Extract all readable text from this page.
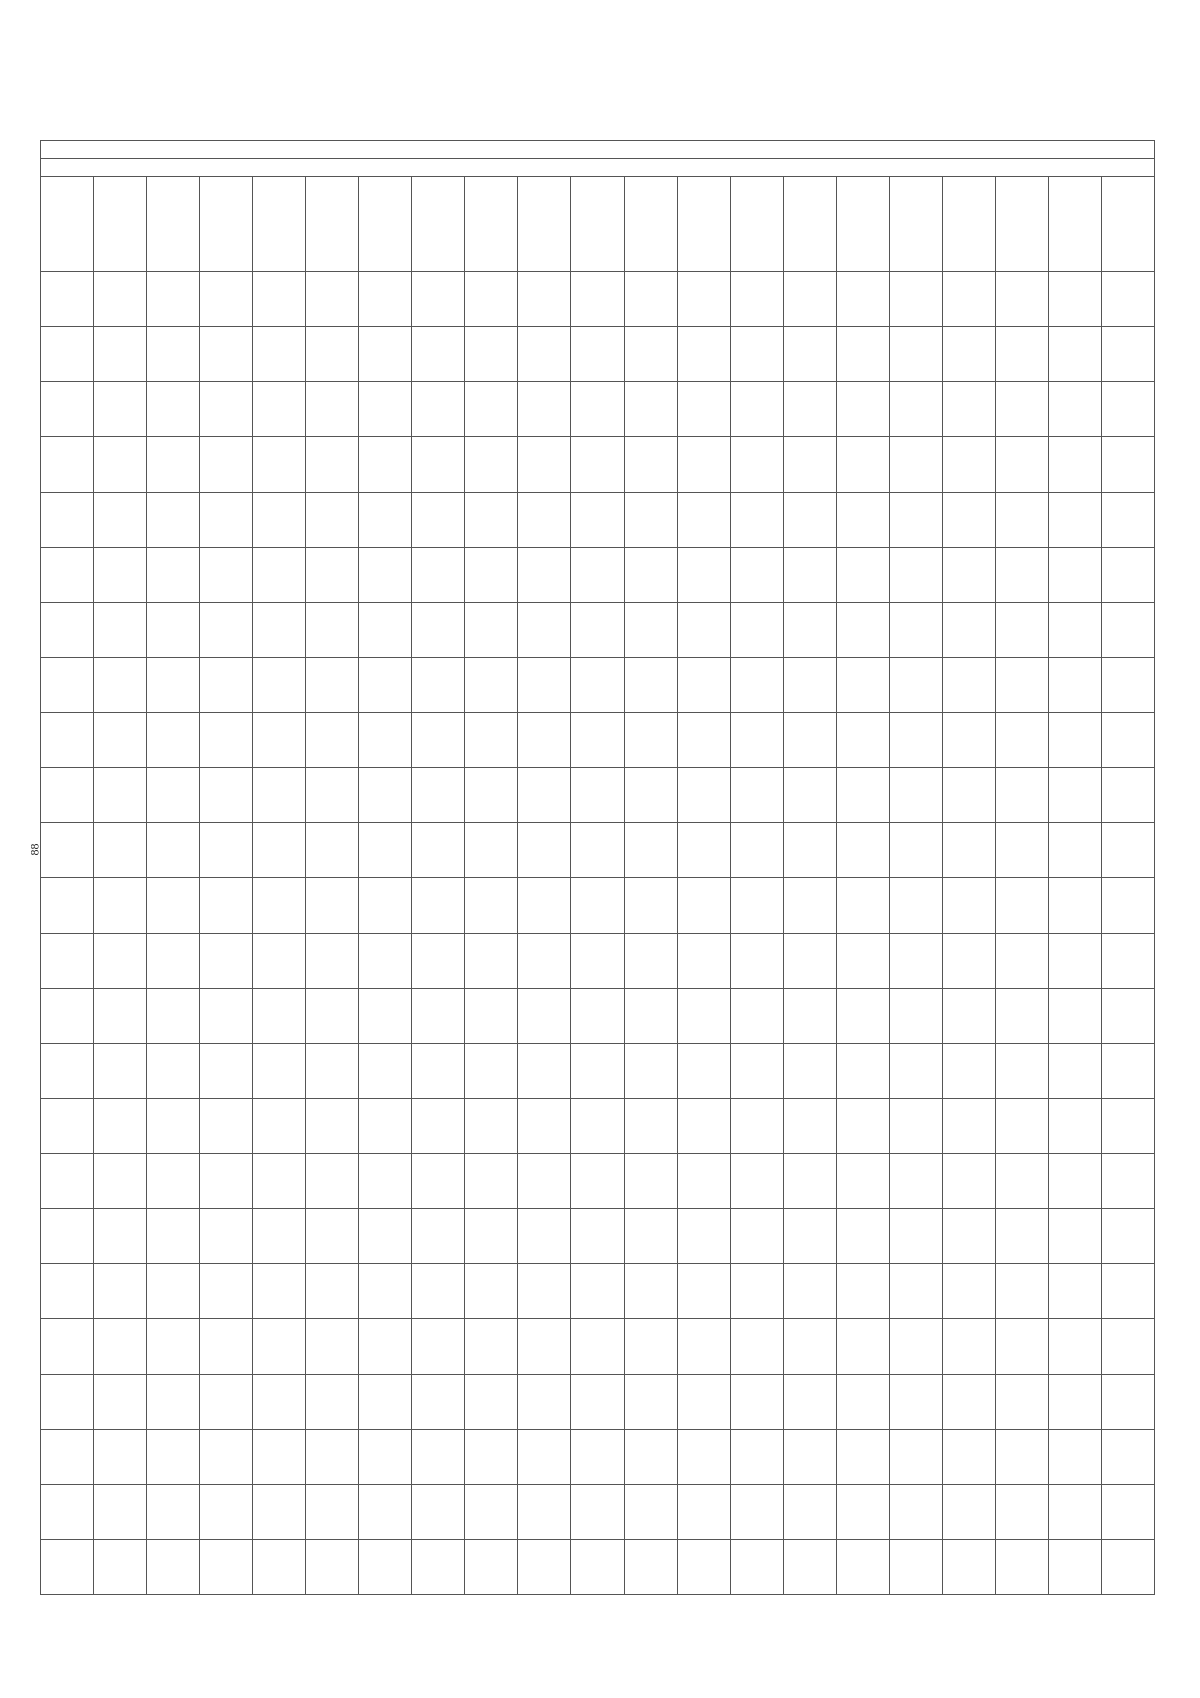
88
